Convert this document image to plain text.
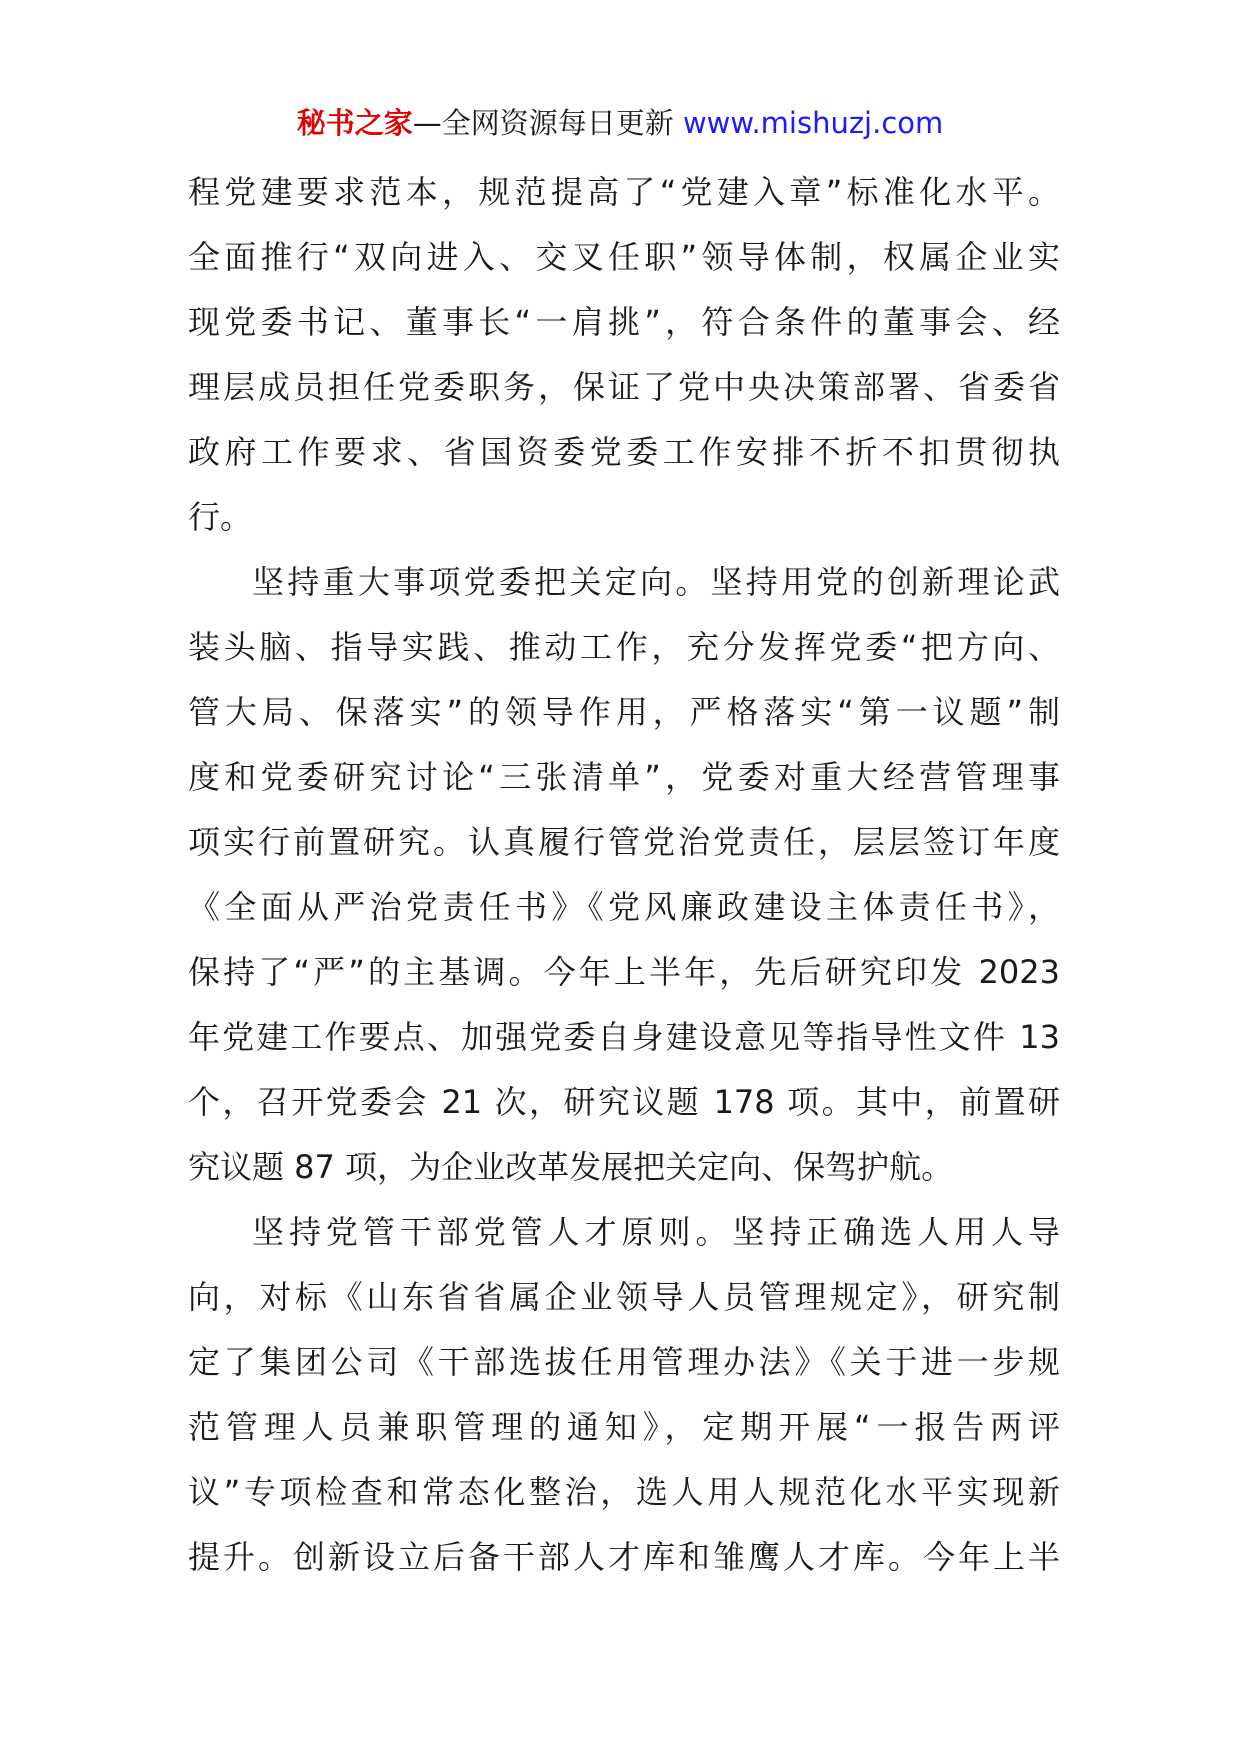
秘书之家—全网资源每日更新 www.mishuzj.com
程党建要求范本，规范提高了“党建入章”标准化水平。
全面推行“双向进入、交叉任职”领导体制，权属企业实
现党委书记、董事长“一肩挑”，符合条件的董事会、经
理层成员担任党委职务，保证了党中央决策部署、省委省
政府工作要求、省国资委党委工作安排不折不扣贯彻执
行。
坚持重大事项党委把关定向。坚持用党的创新理论武
装头脑、指导实践、推动工作，充分发挥党委“把方向、
管大局、保落实”的领导作用，严格落实“第一议题”制
度和党委研究讨论“三张清单”，党委对重大经营管理事
项实行前置研究。认真履行管党治党责任，层层签订年度
《全面从严治党责任书》《党风廉政建设主体责任书》，
保持了“严”的主基调。今年上半年，先后研究印发 2023
年党建工作要点、加强党委自身建设意见等指导性文件 13
个，召开党委会 21 次，研究议题 178 项。其中，前置研
究议题 87 项，为企业改革发展把关定向、保驾护航。
坚持党管干部党管人才原则。坚持正确选人用人导
向，对标《山东省省属企业领导人员管理规定》，研究制
定了集团公司《干部选拔任用管理办法》《关于进一步规
范管理人员兼职管理的通知》，定期开展“一报告两评
议”专项检查和常态化整治，选人用人规范化水平实现新
提升。创新设立后备干部人才库和雏鹰人才库。今年上半
